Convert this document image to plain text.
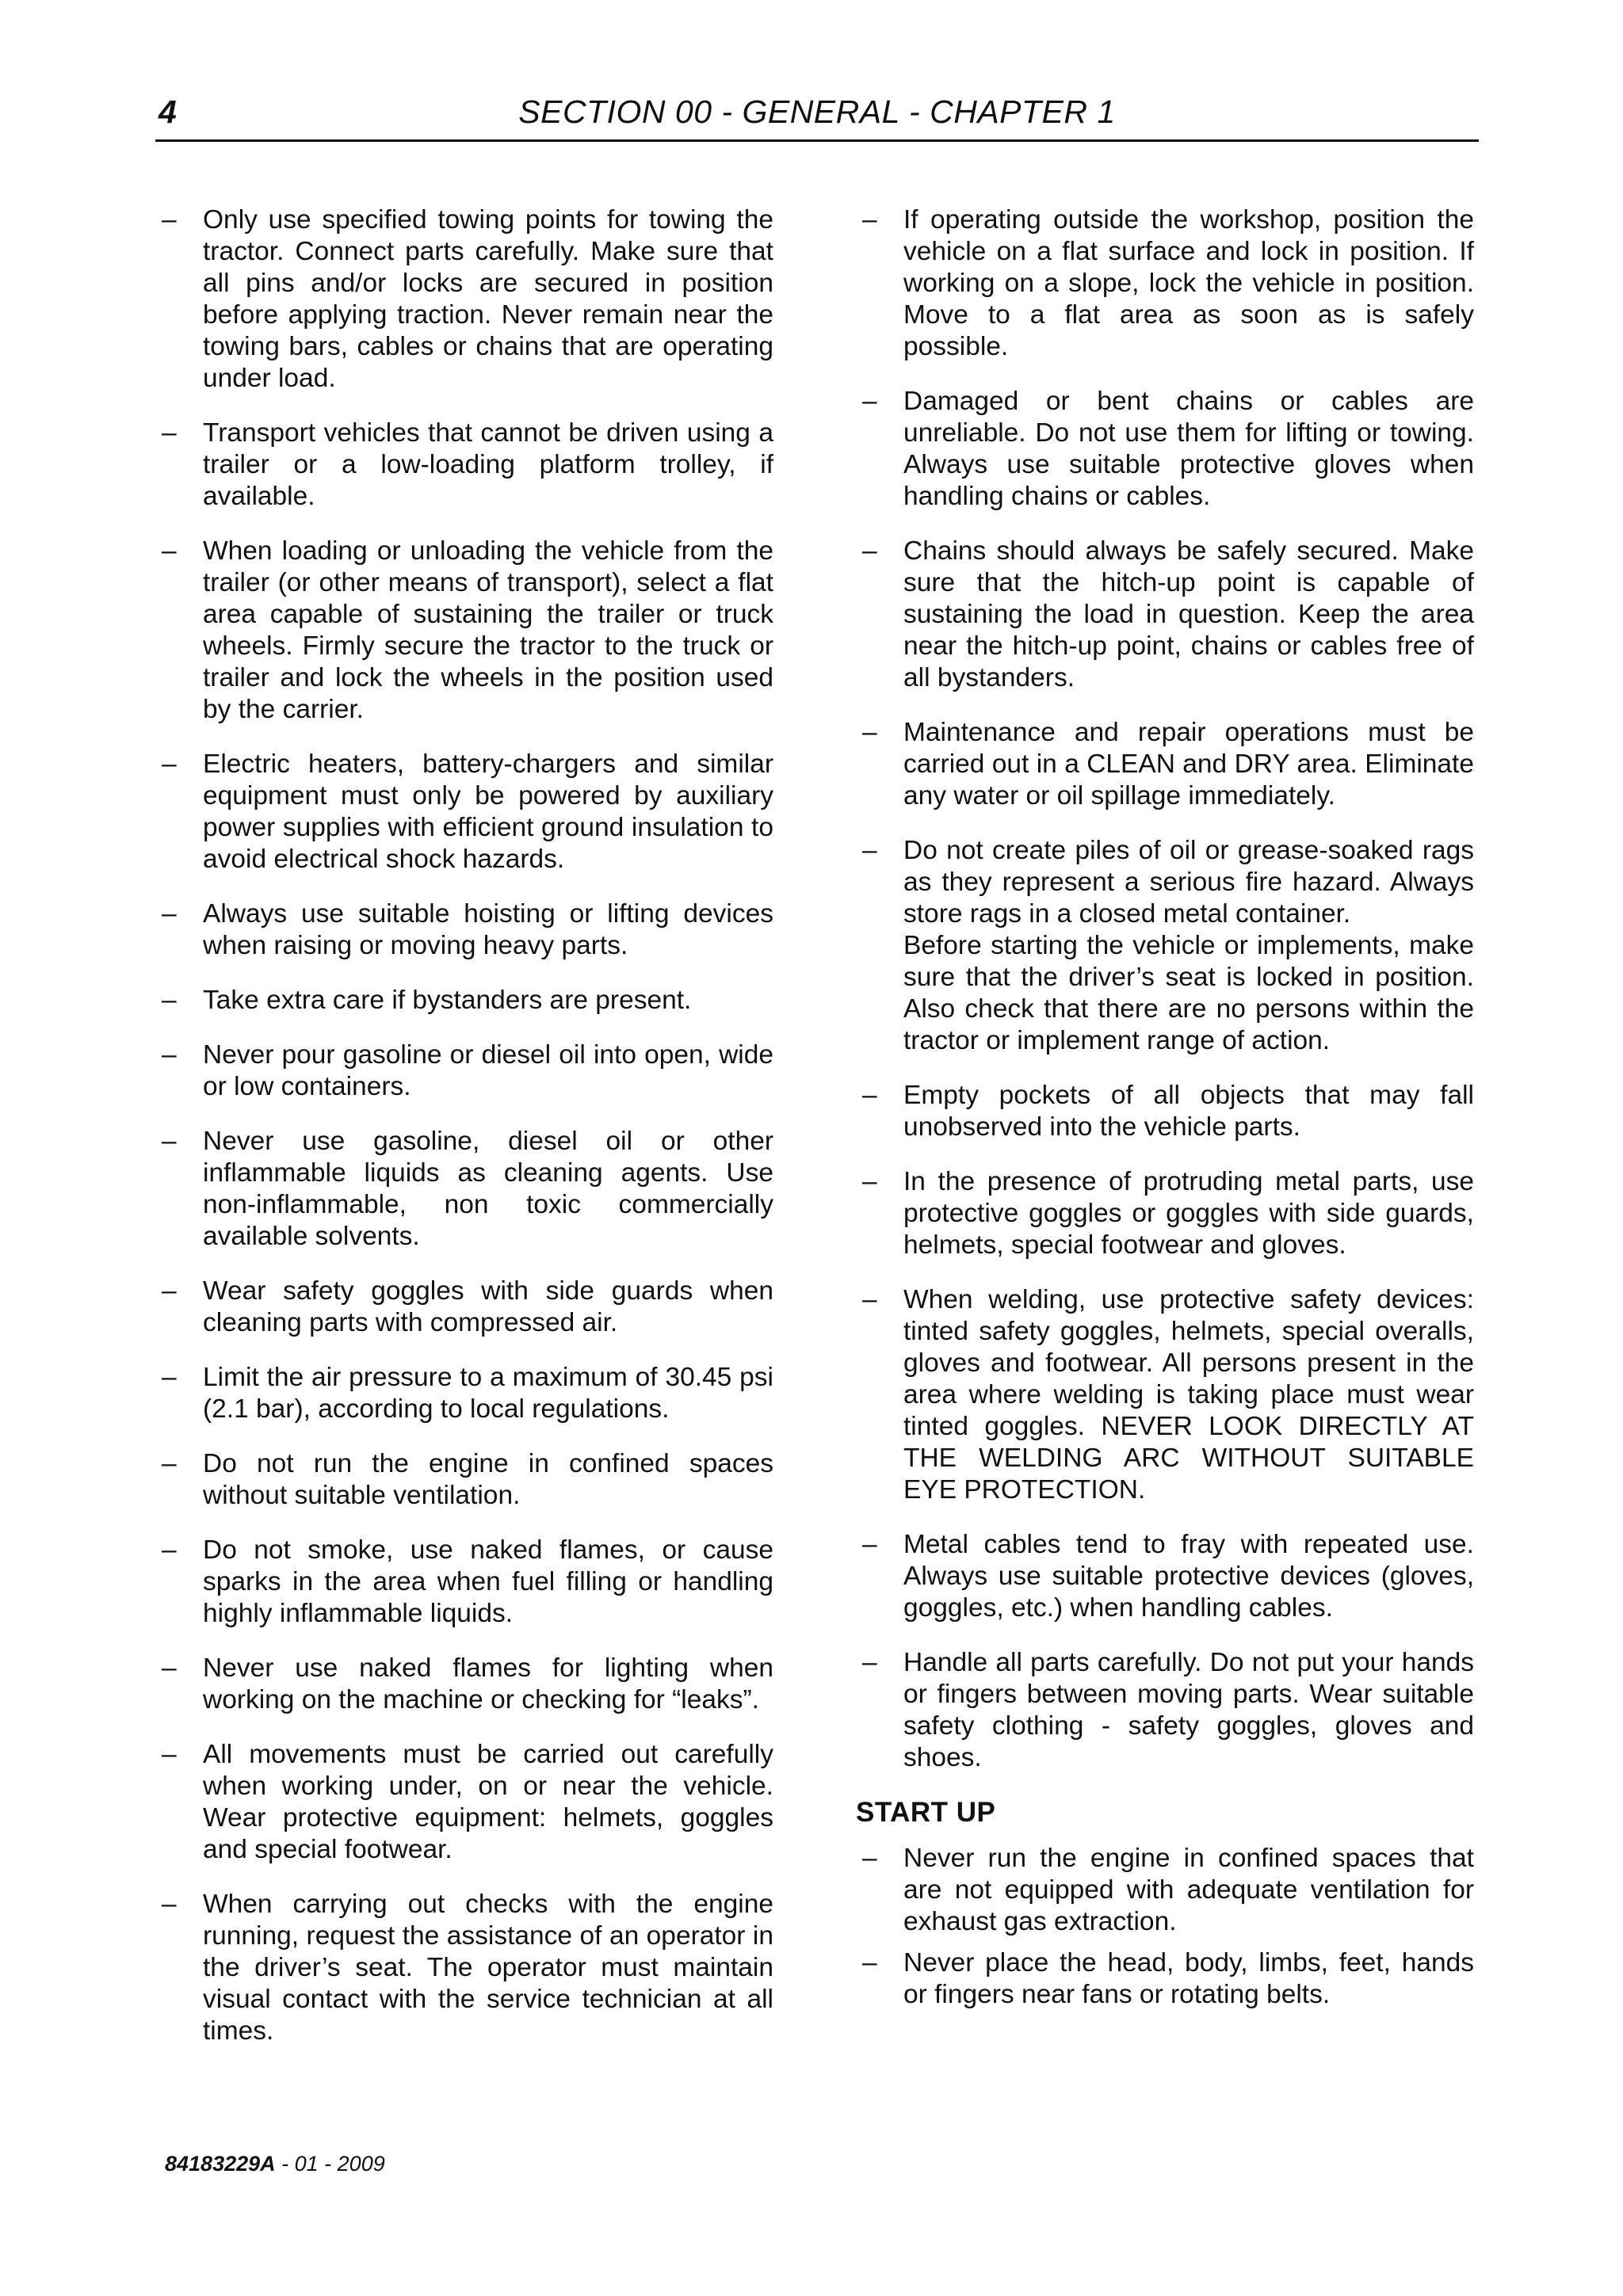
4	SECTION 00 - GENERAL - CHAPTER 1
– Only use specified towing points for towing the tractor. Connect parts carefully. Make sure that all pins and/or locks are secured in position before applying traction. Never remain near the towing bars, cables or chains that are operating under load.

– Transport vehicles that cannot be driven using a trailer or a low-loading platform trolley, if available.

– When loading or unloading the vehicle from the trailer (or other means of transport), select a flat area capable of sustaining the trailer or truck wheels. Firmly secure the tractor to the truck or trailer and lock the wheels in the position used by the carrier.

– Electric heaters, battery-chargers and similar equipment must only be powered by auxiliary power supplies with efficient ground insulation to avoid electrical shock hazards.

– Always use suitable hoisting or lifting devices when raising or moving heavy parts.

– Take extra care if bystanders are present.

– Never pour gasoline or diesel oil into open, wide or low containers.

– Never use gasoline, diesel oil or other inflammable liquids as cleaning agents. Use non-inflammable, non toxic commercially available solvents.

– Wear safety goggles with side guards when cleaning parts with compressed air.

– Limit the air pressure to a maximum of 30.45 psi (2.1 bar), according to local regulations.

– Do not run the engine in confined spaces without suitable ventilation.

– Do not smoke, use naked flames, or cause sparks in the area when fuel filling or handling highly inflammable liquids.

– Never use naked flames for lighting when working on the machine or checking for “leaks”.

– All movements must be carried out carefully when working under, on or near the vehicle. Wear protective equipment: helmets, goggles and special footwear.

– When carrying out checks with the engine running, request the assistance of an operator in the driver’s seat. The operator must maintain visual contact with the service technician at all times.

– If operating outside the workshop, position the vehicle on a flat surface and lock in position. If working on a slope, lock the vehicle in position. Move to a flat area as soon as is safely possible.

– Damaged or bent chains or cables are unreliable. Do not use them for lifting or towing. Always use suitable protective gloves when handling chains or cables.

– Chains should always be safely secured. Make sure that the hitch-up point is capable of sustaining the load in question. Keep the area near the hitch-up point, chains or cables free of all bystanders.

– Maintenance and repair operations must be carried out in a CLEAN and DRY area. Eliminate any water or oil spillage immediately.

– Do not create piles of oil or grease-soaked rags as they represent a serious fire hazard. Always store rags in a closed metal container.

Before starting the vehicle or implements, make sure that the driver’s seat is locked in position. Also check that there are no persons within the tractor or implement range of action.

– Empty pockets of all objects that may fall unobserved into the vehicle parts.

– In the presence of protruding metal parts, use protective goggles or goggles with side guards, helmets, special footwear and gloves.

– When welding, use protective safety devices: tinted safety goggles, helmets, special overalls, gloves and footwear. All persons present in the area where welding is taking place must wear tinted goggles. NEVER LOOK DIRECTLY AT THE WELDING ARC WITHOUT SUITABLE EYE PROTECTION.

– Metal cables tend to fray with repeated use. Always use suitable protective devices (gloves, goggles, etc.) when handling cables.

– Handle all parts carefully. Do not put your hands or fingers between moving parts. Wear suitable safety clothing - safety goggles, gloves and shoes.

START UP
– Never run the engine in confined spaces that are not equipped with adequate ventilation for exhaust gas extraction.

– Never place the head, body, limbs, feet, hands or fingers near fans or rotating belts.

84183229A - 01 - 2009
